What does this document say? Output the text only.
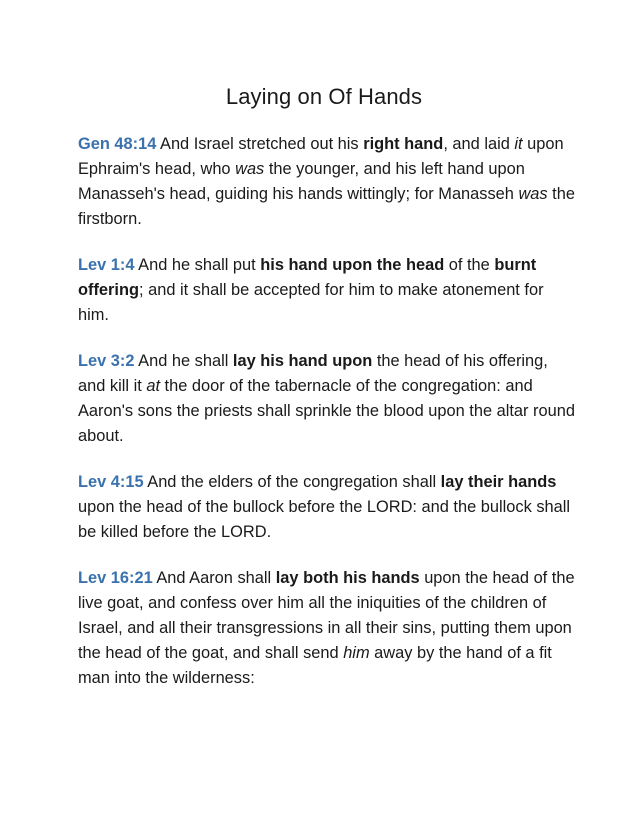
Laying on Of Hands

Gen 48:14 And Israel stretched out his right hand, and laid it upon Ephraim's head, who was the younger, and his left hand upon Manasseh's head, guiding his hands wittingly; for Manasseh was the firstborn.

Lev 1:4 And he shall put his hand upon the head of the burnt offering; and it shall be accepted for him to make atonement for him.

Lev 3:2 And he shall lay his hand upon the head of his offering, and kill it at the door of the tabernacle of the congregation: and Aaron's sons the priests shall sprinkle the blood upon the altar round about.

Lev 4:15 And the elders of the congregation shall lay their hands upon the head of the bullock before the LORD: and the bullock shall be killed before the LORD.

Lev 16:21 And Aaron shall lay both his hands upon the head of the live goat, and confess over him all the iniquities of the children of Israel, and all their transgressions in all their sins, putting them upon the head of the goat, and shall send him away by the hand of a fit man into the wilderness:
